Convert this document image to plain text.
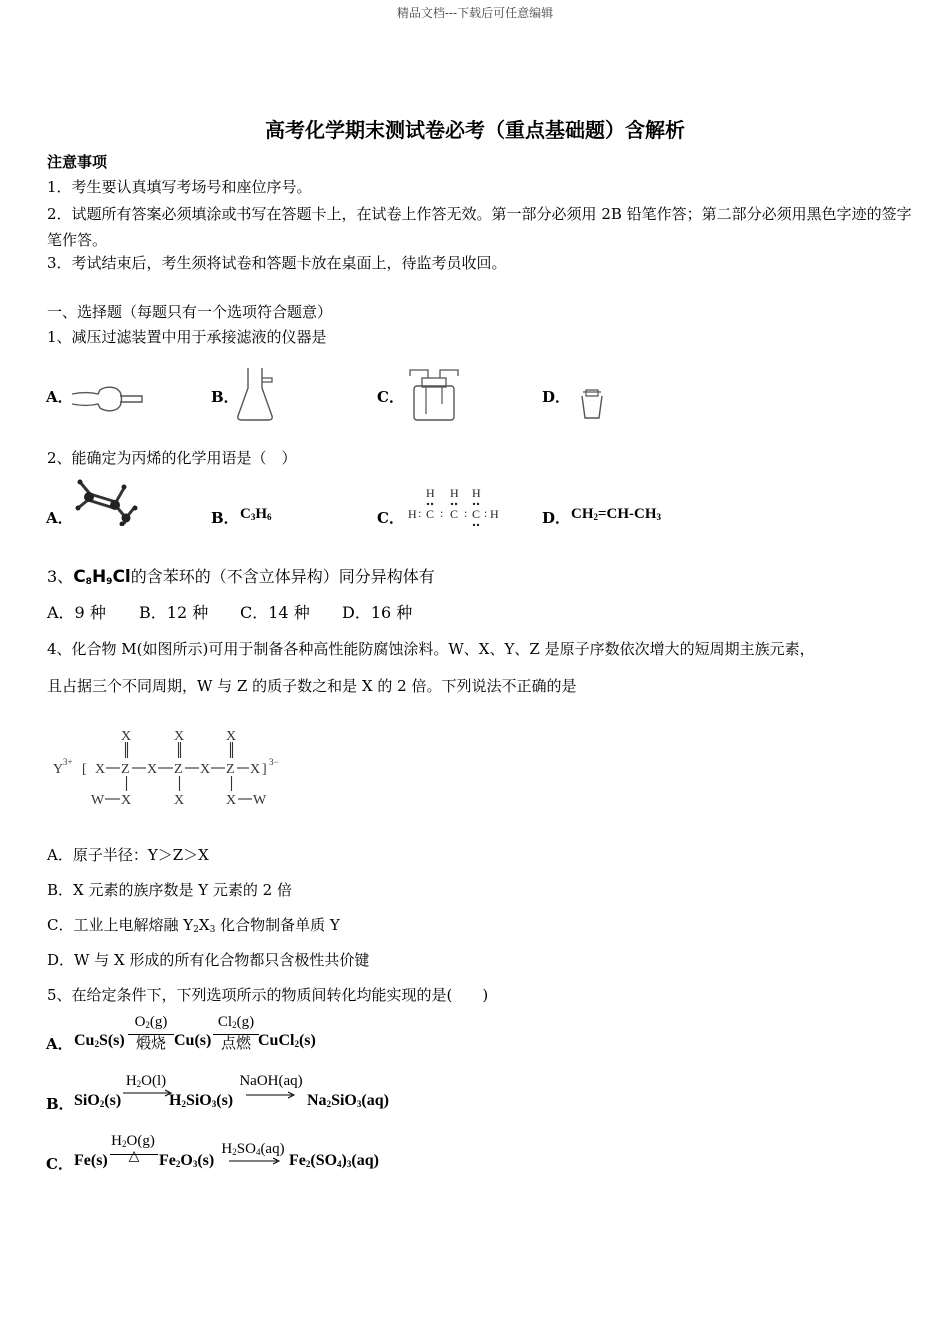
精品文档---下载后可任意编辑
高考化学期末测试卷必考（重点基础题）含解析
注意事项
1．考生要认真填写考场号和座位序号。
2．试题所有答案必须填涂或书写在答题卡上，在试卷上作答无效。第一部分必须用 2B 铅笔作答；第二部分必须用黑色字迹的签字笔作答。
3．考试结束后，考生须将试卷和答题卡放在桌面上，待监考员收回。
一、选择题（每题只有一个选项符合题意）
1、减压过滤装置中用于承接滤液的仪器是
A．	B．	C．	D．
2、能确定为丙烯的化学用语是（　）
A．	B． $C_3H_6$	C．
H H H
H C C C H
: : : :	D． $CH_2=CH-CH_3$
3、$C_8H_9Cl$的含苯环的（不含立体异构）同分异构体有
A．9 种 B．12 种 C．14 种 D．16 种
4、化合物 M(如图所示)可用于制备各种高性能防腐蚀涂料。W、X、Y、Z 是原子序数依次增大的短周期主族元素，
且占据三个不同周期，W 与 Z 的质子数之和是 X 的 2 倍。下列说法不正确的是
Y 3+ [ X Z X Z X Z X ] 3−
X	X	X
W X	X	X W
A．原子半径：Y＞Z＞X
B．X 元素的族序数是 Y 元素的 2 倍
C．工业上电解熔融 $Y_2X_3$ 化合物制备单质 Y
D．W 与 X 形成的所有化合物都只含极性共价键
5、在给定条件下，下列选项所示的物质间转化均能实现的是(　　)
A． $Cu_2S(s)$
$O_2(g)$
煅烧 Cu(s)
$Cl_2(g)$
点燃 CuCl$_2$(s)
B． SiO$_2$(s)
$H_2O(l)$
$H_2SiO_3(s)$
NaOH(aq)
$Na_2SiO_3(aq)$
C． Fe(s)
$H_2O(g)$
△	$Fe_2O_3(s)$
$H_2SO_4(aq)$
$Fe_2(SO_4)_3(aq)$
